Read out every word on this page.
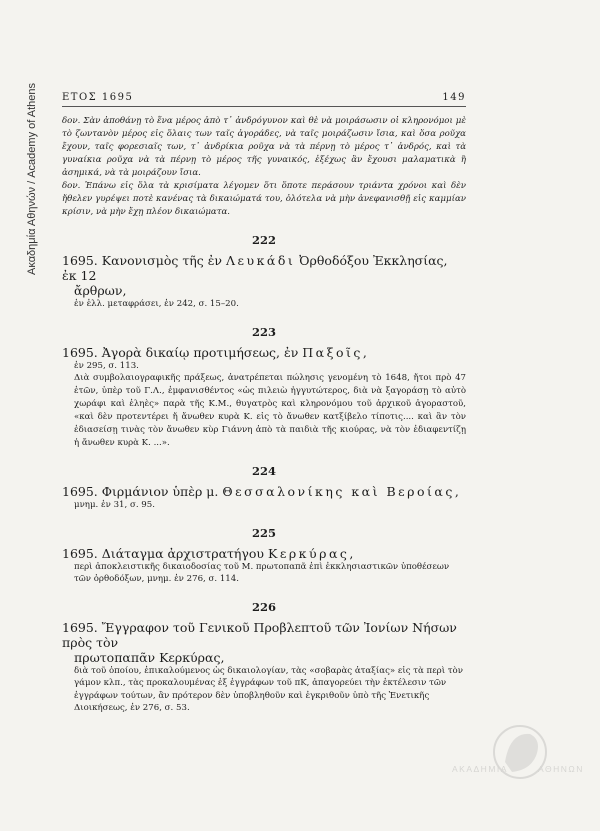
Ακαδημία Αθηνών / Academy of Athens ΕΤΟΣ 1695	149

δον. Σὰν ἀποθάνῃ τὸ ἕνα μέρος ἀπὸ τ᾽ ἀνδρόγυνον καὶ θὲ νὰ μοιράσωσιν οἱ κληρονόμοι μὲ τὸ ζωντανὸν μέρος εἰς ὅλαις των ταῖς ἀγοράδες, νὰ ταῖς μοιράζωσιν ἴσια, καὶ ὅσα ροῦχα ἔχουν, ταῖς φορεσιαῖς των, τ᾽ ἀνδρίκια ροῦχα νὰ τὰ πέρνῃ τὸ μέρος τ᾽ ἀνδρός, καὶ τὰ γυναίκια ροῦχα νὰ τὰ πέρνῃ τὸ μέρος τῆς γυναικός, ἐξέχως ἂν ἔχουσι μαλαματικὰ ἢ ἀσημικά, νὰ τὰ μοιράζουν ἴσια.

δον. Ἐπάνω εἰς ὅλα τὰ κρισίματα λέγομεν ὅτι ὅποτε περάσουν τριάντα χρόνοι καὶ δὲν ἤθελεν γυρέψει ποτὲ κανένας τὰ δικαιώματά του, ὀλότελα νὰ μὴν ἀνεφανισθῇ εἰς καμμίαν κρίσιν, νὰ μὴν ἔχῃ πλέον δικαιώματα.

222

1695. Κανονισμὸς τῆς ἐν Λευκάδι Ὀρθοδόξου Ἐκκλησίας, ἐκ 12

ἄρθρων,

ἐν ἑλλ. μεταφράσει, ἐν 242, σ. 15–20.

223

1695. Ἀγορὰ δικαίῳ προτιμήσεως, ἐν Παξοῖς,

ἐν 295, σ. 113.

Διὰ συμβολαιογραφικῆς πράξεως, ἀνατρέπεται πώλησις γενομένη τὸ 1648, ἤτοι πρὸ 47 ἐτῶν, ὑπὲρ τοῦ Γ.Λ., ἐμφανισθέντος «ὡς πιλειὼ ἠγγυτώτερος, διὰ νὰ ξαγοράσῃ τὸ αὐτὸ χωράφι καὶ ἐληὲς» παρὰ τῆς Κ.Μ., θυγατρὸς καὶ κληρονόμου τοῦ ἀρχικοῦ ἀγοραστοῦ, «καὶ δὲν προτεντέρει ἤ ἄνωθεν κυρὰ Κ. εἰς τὸ ἄνωθεν κατξίβελο τίποτις.... καὶ ἂν τὸν ἐδιασείσῃ τινὰς τὸν ἄνωθεν κὺρ Γιάννη ἀπὸ τὰ παιδιὰ τῆς κιούρας, νὰ τὸν ἐδιαφεντίζῃ ἡ ἄνωθεν κυρὰ Κ. ...».

224

1695. Φιρμάνιον ὑπὲρ μ. Θεσσαλονίκης καὶ Βεροίας,

μνημ. ἐν 31, σ. 95.

225

1695. Διάταγμα ἀρχιστρατήγου Κερκύρας,

περὶ ἀποκλειστικῆς δικαιοδοσίας τοῦ Μ. πρωτοπαπᾶ ἐπὶ ἐκκλησιαστικῶν ὑποθέσεων τῶν ὀρθοδόξων, μνημ. ἐν 276, σ. 114.

226

1695. Ἔγγραφον τοῦ Γενικοῦ Προβλεπτοῦ τῶν Ἰονίων Νήσων πρὸς τὸν

πρωτοπαπᾶν Κερκύρας,

διὰ τοῦ ὁποίου, ἐπικαλούμενος ὡς δικαιολογίαν, τὰς «σοβαρὰς ἀταξίας» εἰς τὰ περὶ τὸν γάμον κλπ., τὰς προκαλουμένας ἐξ ἐγγράφων τοῦ πΚ, ἀπαγορεύει τὴν ἐκτέλεσιν τῶν ἐγγράφων τούτων, ἂν πρότερον δὲν ὑποβληθοῦν καὶ ἐγκριθοῦν ὑπὸ τῆς Ἐνετικῆς Διοικήσεως, ἐν 276, σ. 53.

ΑΚΑΔΗΜΙΑ	ΑΘΗΝΩΝ
